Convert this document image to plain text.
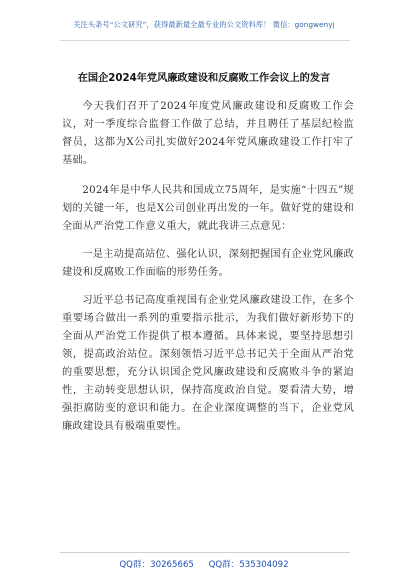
关注头条号“公文研究”，获得最新最全最专业的公文资料库！ 微信：gongwenyj
在国企2024年党风廉政建设和反腐败工作会议上的发言

今天我们召开了2024年度党风廉政建设和反腐败工作会议，对一季度综合监督工作做了总结，并且聘任了基层纪检监督员，这都为X公司扎实做好2024年党风廉政建设工作打牢了基础。

2024年是中华人民共和国成立75周年，是实施“十四五”规划的关键一年，也是X公司创业再出发的一年。做好党的建设和全面从严治党工作意义重大，就此我讲三点意见：

一是主动提高站位、强化认识，深刻把握国有企业党风廉政建设和反腐败工作面临的形势任务。

习近平总书记高度重视国有企业党风廉政建设工作，在多个重要场合做出一系列的重要指示批示，为我们做好新形势下的全面从严治党工作提供了根本遵循。具体来说，要坚持思想引领，提高政治站位。深刻领悟习近平总书记关于全面从严治党的重要思想，充分认识国企党风廉政建设和反腐败斗争的紧迫性，主动转变思想认识，保持高度政治自觉。要看清大势，增强拒腐防变的意识和能力。在企业深度调整的当下，企业党风廉政建设具有极端重要性。

QQ群：30265665 QQ群：535304092
